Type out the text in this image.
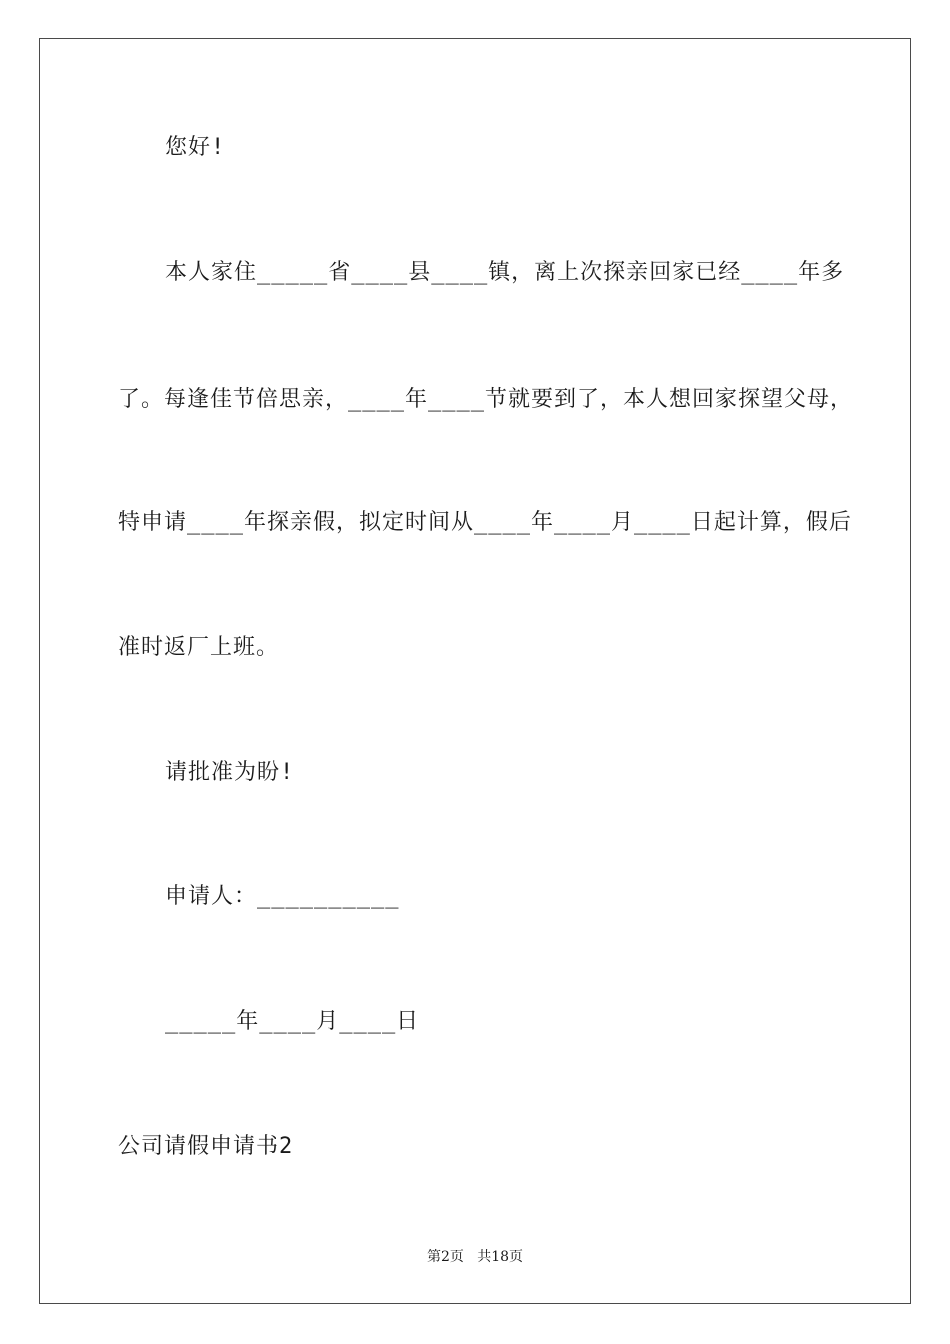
您好!
本人家住_____省____县____镇，离上次探亲回家已经____年多
了。每逢佳节倍思亲，____年____节就要到了，本人想回家探望父母，
特申请____年探亲假，拟定时间从____年____月____日起计算，假后
准时返厂上班。
请批准为盼!
申请人：__________
_____年____月____日
公司请假申请书2
第2页   共18页
